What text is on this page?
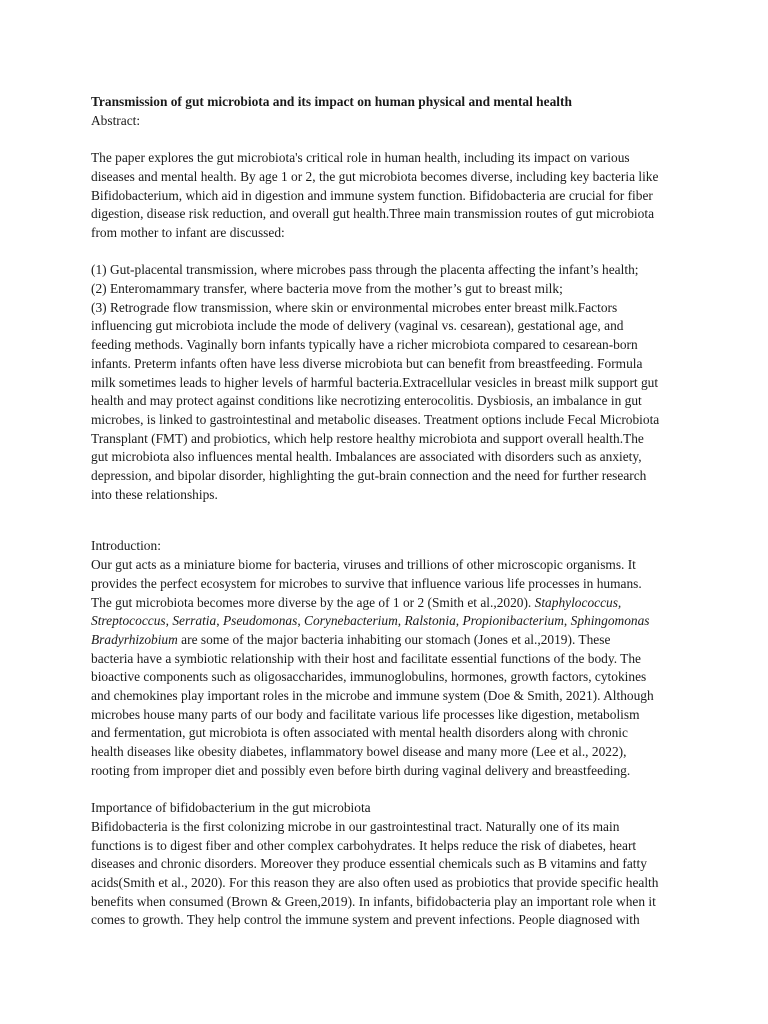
Transmission of gut microbiota and its impact on human physical and mental health
Abstract:
The paper explores the gut microbiota's critical role in human health, including its impact on various
diseases and mental health. By age 1 or 2, the gut microbiota becomes diverse, including key bacteria like
Bifidobacterium, which aid in digestion and immune system function. Bifidobacteria are crucial for fiber
digestion, disease risk reduction, and overall gut health.Three main transmission routes of gut microbiota
from mother to infant are discussed:
(1) Gut-placental transmission, where microbes pass through the placenta affecting the infant’s health;
(2) Enteromammary transfer, where bacteria move from the mother’s gut to breast milk;
(3) Retrograde flow transmission, where skin or environmental microbes enter breast milk.Factors
influencing gut microbiota include the mode of delivery (vaginal vs. cesarean), gestational age, and
feeding methods. Vaginally born infants typically have a richer microbiota compared to cesarean-born
infants. Preterm infants often have less diverse microbiota but can benefit from breastfeeding. Formula
milk sometimes leads to higher levels of harmful bacteria.Extracellular vesicles in breast milk support gut
health and may protect against conditions like necrotizing enterocolitis. Dysbiosis, an imbalance in gut
microbes, is linked to gastrointestinal and metabolic diseases. Treatment options include Fecal Microbiota
Transplant (FMT) and probiotics, which help restore healthy microbiota and support overall health.The
gut microbiota also influences mental health. Imbalances are associated with disorders such as anxiety,
depression, and bipolar disorder, highlighting the gut-brain connection and the need for further research
into these relationships.
Introduction:
Our gut acts as a miniature biome for bacteria, viruses and trillions of other microscopic organisms. It
provides the perfect ecosystem for microbes to survive that influence various life processes in humans.
The gut microbiota becomes more diverse by the age of 1 or 2 (Smith et al.,2020). Staphylococcus,
Streptococcus, Serratia, Pseudomonas, Corynebacterium, Ralstonia, Propionibacterium, Sphingomonas
Bradyrhizobium are some of the major bacteria inhabiting our stomach (Jones et al.,2019). These
bacteria have a symbiotic relationship with their host and facilitate essential functions of the body. The
bioactive components such as oligosaccharides, immunoglobulins, hormones, growth factors, cytokines
and chemokines play important roles in the microbe and immune system (Doe & Smith, 2021). Although
microbes house many parts of our body and facilitate various life processes like digestion, metabolism
and fermentation, gut microbiota is often associated with mental health disorders along with chronic
health diseases like obesity diabetes, inflammatory bowel disease and many more (Lee et al., 2022),
rooting from improper diet and possibly even before birth during vaginal delivery and breastfeeding.
Importance of bifidobacterium in the gut microbiota
Bifidobacteria is the first colonizing microbe in our gastrointestinal tract. Naturally one of its main
functions is to digest fiber and other complex carbohydrates. It helps reduce the risk of diabetes, heart
diseases and chronic disorders. Moreover they produce essential chemicals such as B vitamins and fatty
acids(Smith et al., 2020). For this reason they are also often used as probiotics that provide specific health
benefits when consumed (Brown & Green,2019). In infants, bifidobacteria play an important role when it
comes to growth. They help control the immune system and prevent infections. People diagnosed with
